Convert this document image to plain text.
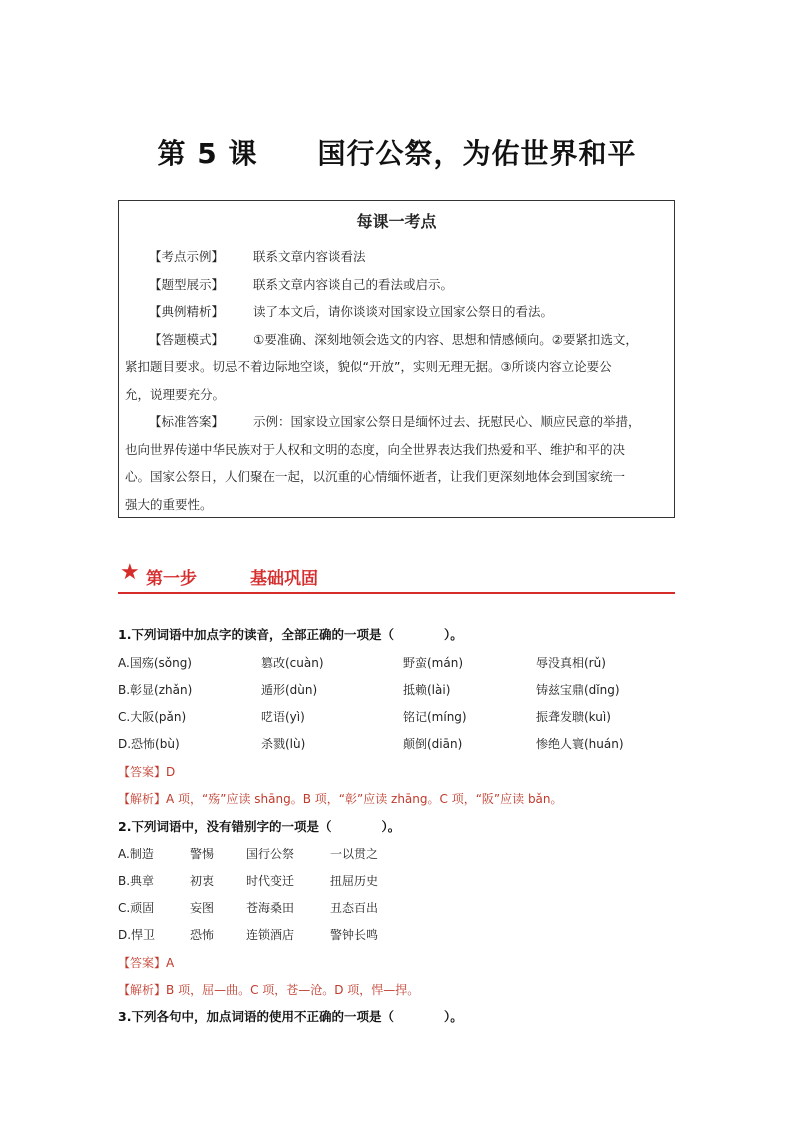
第 5 课 国行公祭，为佑世界和平
每课一考点
【考点示例】 联系文章内容谈看法
【题型展示】 联系文章内容谈自己的看法或启示。
【典例精析】 读了本文后，请你谈谈对国家设立国家公祭日的看法。
【答题模式】 ①要准确、深刻地领会选文的内容、思想和情感倾向。②要紧扣选文，
紧扣题目要求。切忌不着边际地空谈，貌似“开放”，实则无理无据。③所谈内容立论要公
允，说理要充分。
【标准答案】 示例：国家设立国家公祭日是缅怀过去、抚慰民心、顺应民意的举措，
也向世界传递中华民族对于人权和文明的态度，向全世界表达我们热爱和平、维护和平的决
心。国家公祭日，人们聚在一起，以沉重的心情缅怀逝者，让我们更深刻地体会到国家统一
强大的重要性。
★ 第一步	基础巩固
1.下列词语中加点字的读音，全部正确的一项是（　　　　）。
A.国殇(sǒng)	篡改(cuàn)	野蛮(mán)	辱没真相(rǔ)
B.彰显(zhǎn)	遁形(dùn)	抵赖(lài)	铸兹宝鼎(dǐng)
C.大阪(pǎn)	呓语(yì)	铭记(míng)	振聋发聩(kuì)
D.恐怖(bù)	杀戮(lù)	颠倒(diān)	惨绝人寰(huán)
【答案】D
【解析】A 项，“殇”应读 shāng。B 项，“彰”应读 zhāng。C 项，“阪”应读 bǎn。
2.下列词语中，没有错别字的一项是（　　　　）。
A.制造	警惕	国行公祭	一以贯之
B.典章	初衷	时代变迁	扭屈历史
C.顽固	妄图	苍海桑田	丑态百出
D.悍卫	恐怖	连锁酒店	警钟长鸣
【答案】A
【解析】B 项，屈—曲。C 项，苍—沧。D 项，悍—捍。
3.下列各句中，加点词语的使用不正确的一项是（　　　　）。
